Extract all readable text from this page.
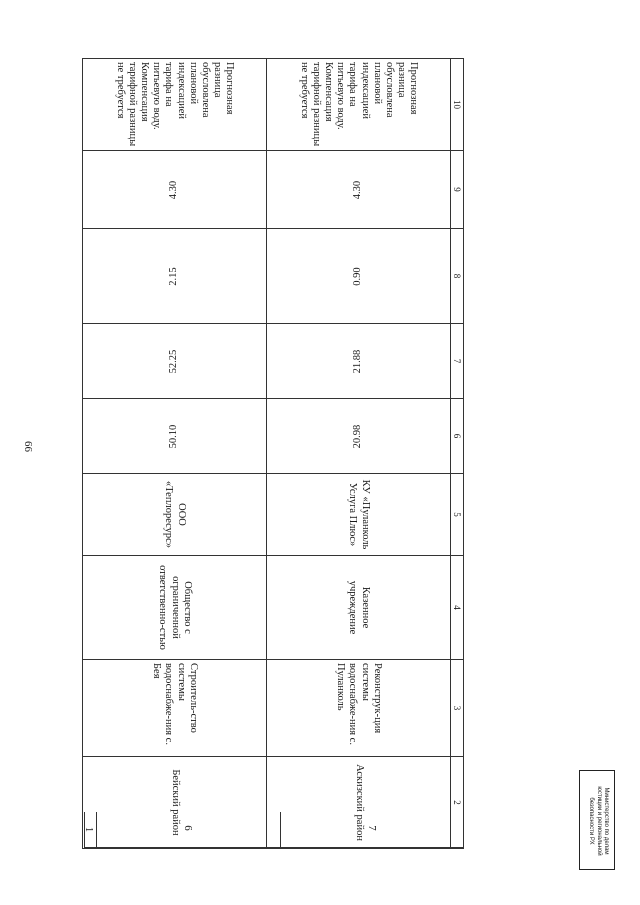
66
10	9	8	7	6	5	4	3	2
Прогнозная разница обусловлена плановой индексацией тарифа на питьевую воду. Компенсация тарифной разницы не требуется	4.30	0.90	21.88	20.98	КУ «Пуланколь Услуга Плюс»	Казенное учреждение	Реконструк-ция системы водоснабже-ния с. Пуланколь	Аскизский район
Прогнозная разница обусловлена плановой индексацией тарифа на питьевую воду. Компенсация тарифной разницы не требуется	4.30	2.15	52.25	50.10	ООО «Теплоресурс»	Общество с ограниченной ответственно-стью	Строитель-ство системы водоснабже-ния с. Бея	Бейский район
1	6	7	Министерство по делам
юстиции и региональной
безопасности РХ
